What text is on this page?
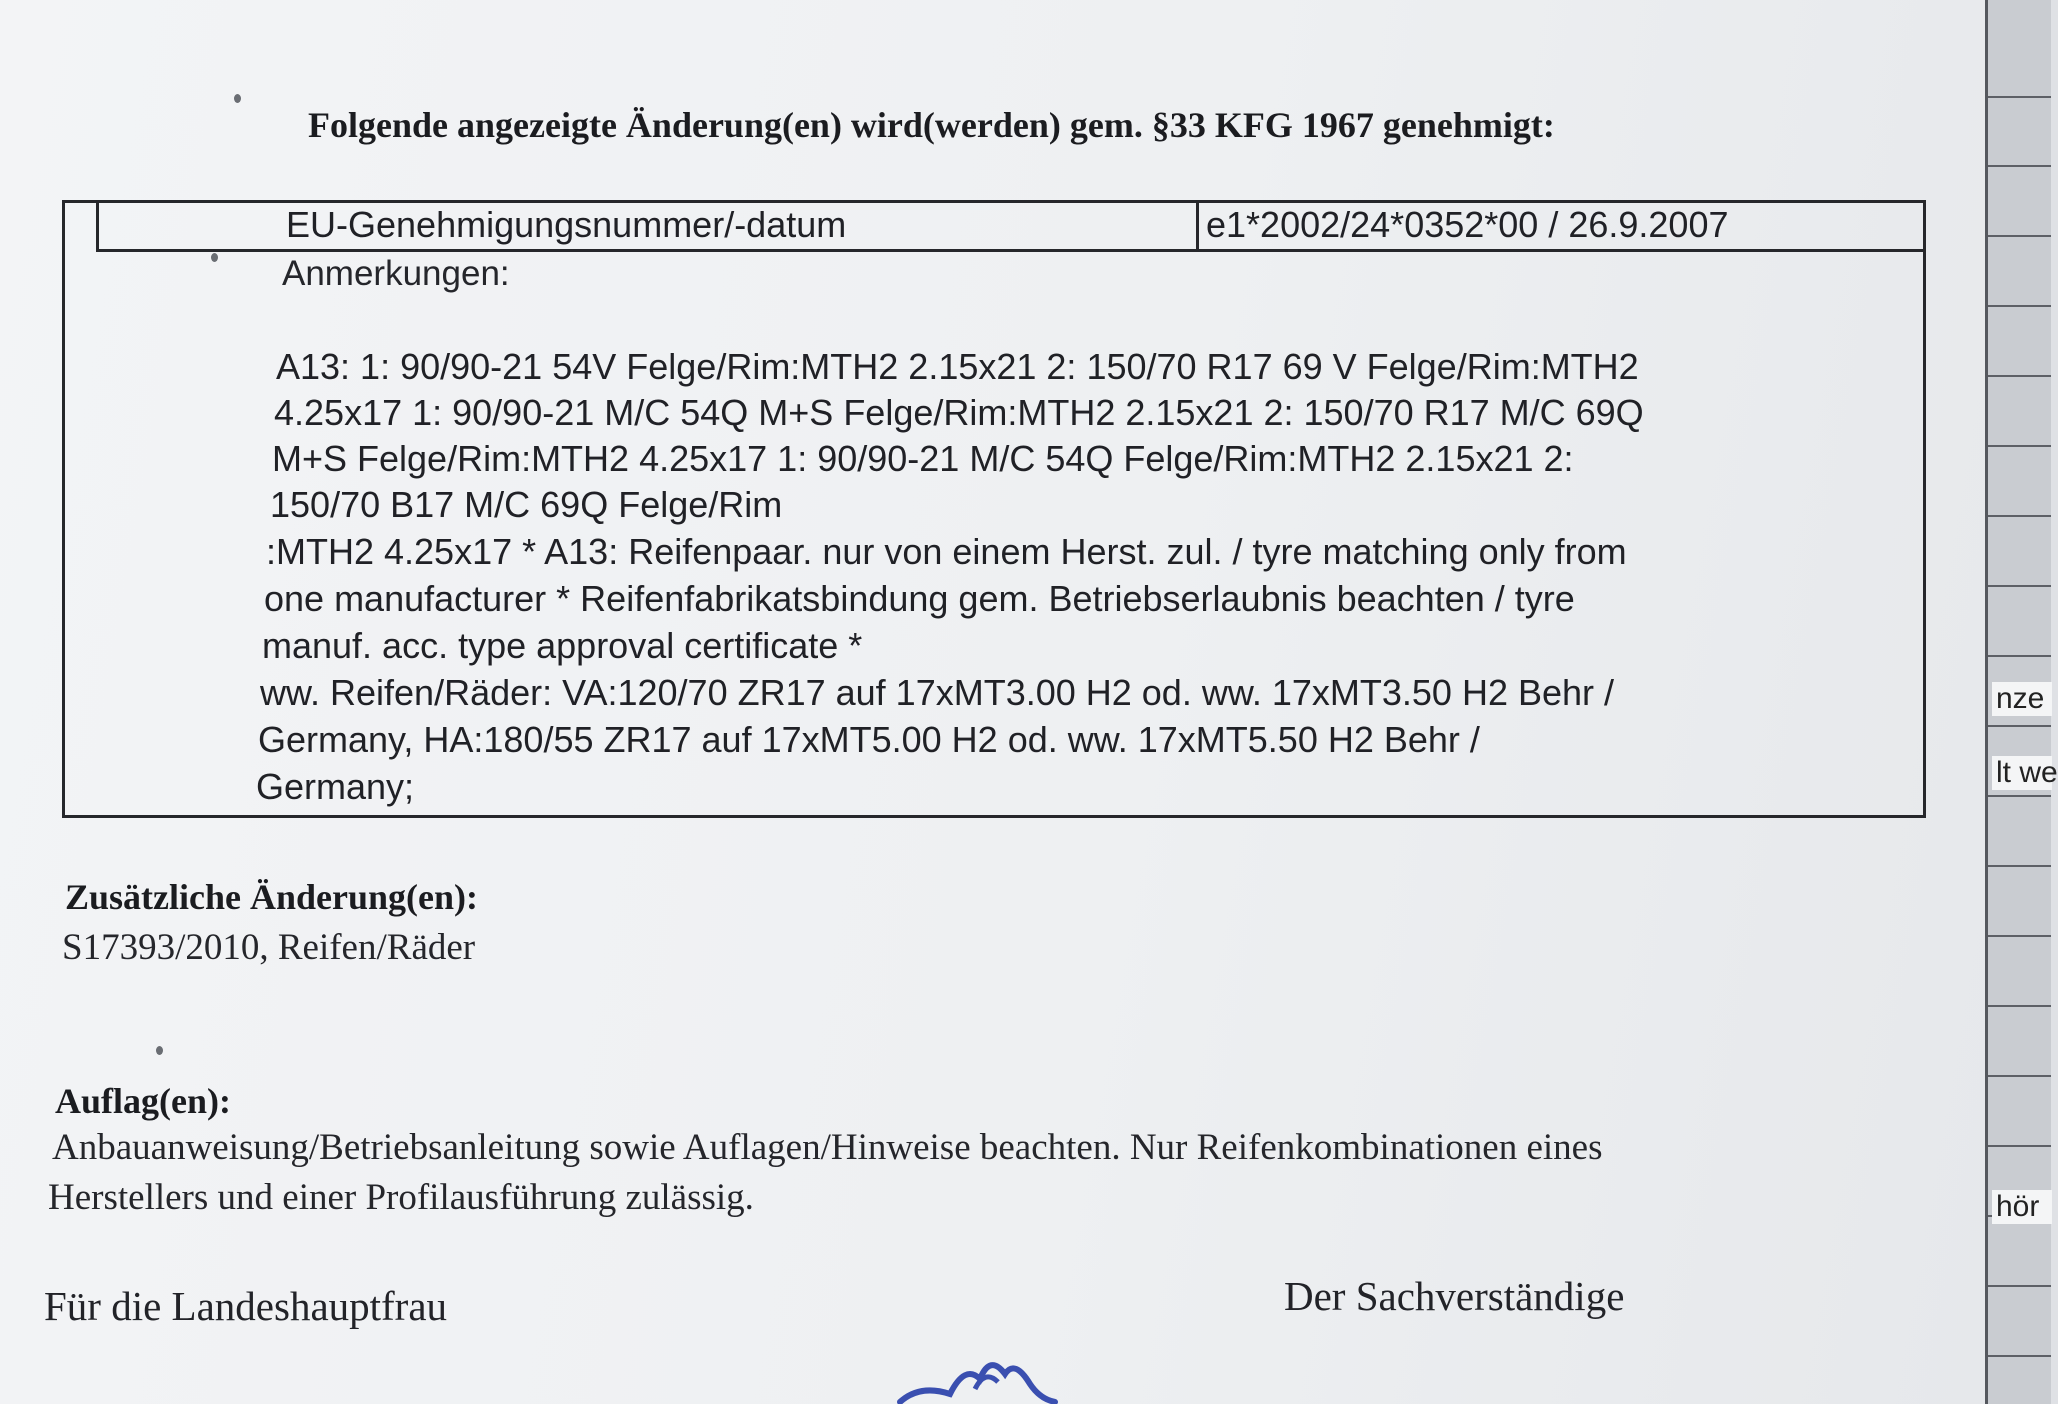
Folgende angezeigte Änderung(en) wird(werden) gem. §33 KFG 1967 genehmigt:
EU-Genehmigungsnummer/-datum	e1*2002/24*0352*00 / 26.9.2007
Anmerkungen:
A13: 1: 90/90-21 54V Felge/Rim:MTH2 2.15x21 2: 150/70 R17 69 V Felge/Rim:MTH2
4.25x17 1: 90/90-21 M/C 54Q M+S Felge/Rim:MTH2 2.15x21 2: 150/70 R17 M/C 69Q
M+S Felge/Rim:MTH2 4.25x17 1: 90/90-21 M/C 54Q Felge/Rim:MTH2 2.15x21 2:
150/70 B17 M/C 69Q Felge/Rim
:MTH2 4.25x17 * A13: Reifenpaar. nur von einem Herst. zul. / tyre matching only from
one manufacturer * Reifenfabrikatsbindung gem. Betriebserlaubnis beachten / tyre
manuf. acc. type approval certificate *
ww. Reifen/Räder: VA:120/70 ZR17 auf 17xMT3.00 H2 od. ww. 17xMT3.50 H2 Behr /
Germany, HA:180/55 ZR17 auf 17xMT5.00 H2 od. ww. 17xMT5.50 H2 Behr /
Germany;
Zusätzliche Änderung(en):
S17393/2010, Reifen/Räder
Auflag(en):
Anbauanweisung/Betriebsanleitung sowie Auflagen/Hinweise beachten. Nur Reifenkombinationen eines
Herstellers und einer Profilausführung zulässig.
Für die Landeshauptfrau	Der Sachverständige
nze
lt we
hör
